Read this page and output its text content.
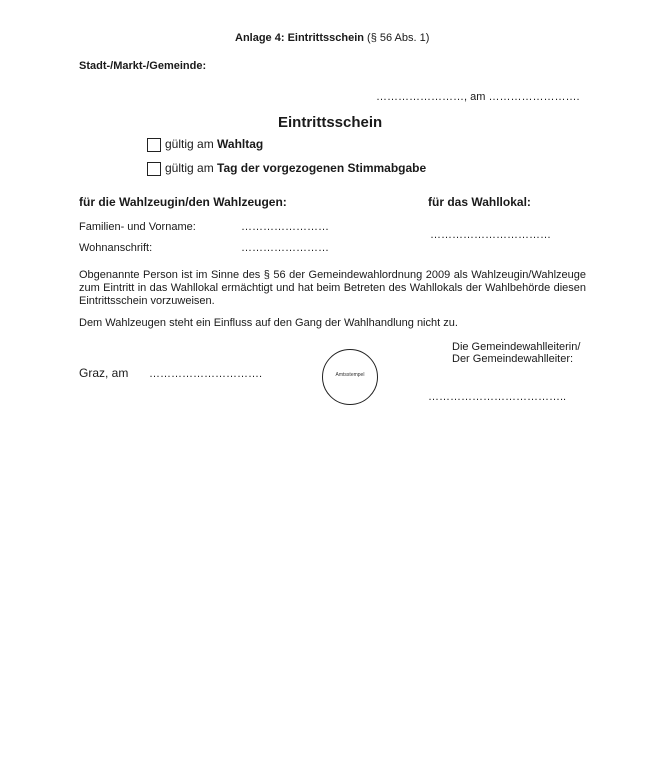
Anlage 4: Eintrittsschein (§ 56 Abs. 1)
Stadt-/Markt-/Gemeinde:
……………………, am …………………….
Eintrittsschein
gültig am Wahltag
gültig am Tag der vorgezogenen Stimmabgabe
für die Wahlzeugin/den Wahlzeugen:	für das Wahllokal:
Familien- und Vorname:	……………………
……………………………
Wohnanschrift:	……………………
Obgenannte Person ist im Sinne des § 56 der Gemeindewahlordnung 2009 als Wahlzeugin/Wahlzeuge zum Eintritt in das Wahllokal ermächtigt und hat beim Betreten des Wahllokals der Wahlbehörde diesen Eintrittsschein vorzuweisen.
Dem Wahlzeugen steht ein Einfluss auf den Gang der Wahlhandlung nicht zu.
Die Gemeindewahlleiterin/
Der Gemeindewahlleiter:
Graz, am ………………………….	Amtsstempel
………………………………..
